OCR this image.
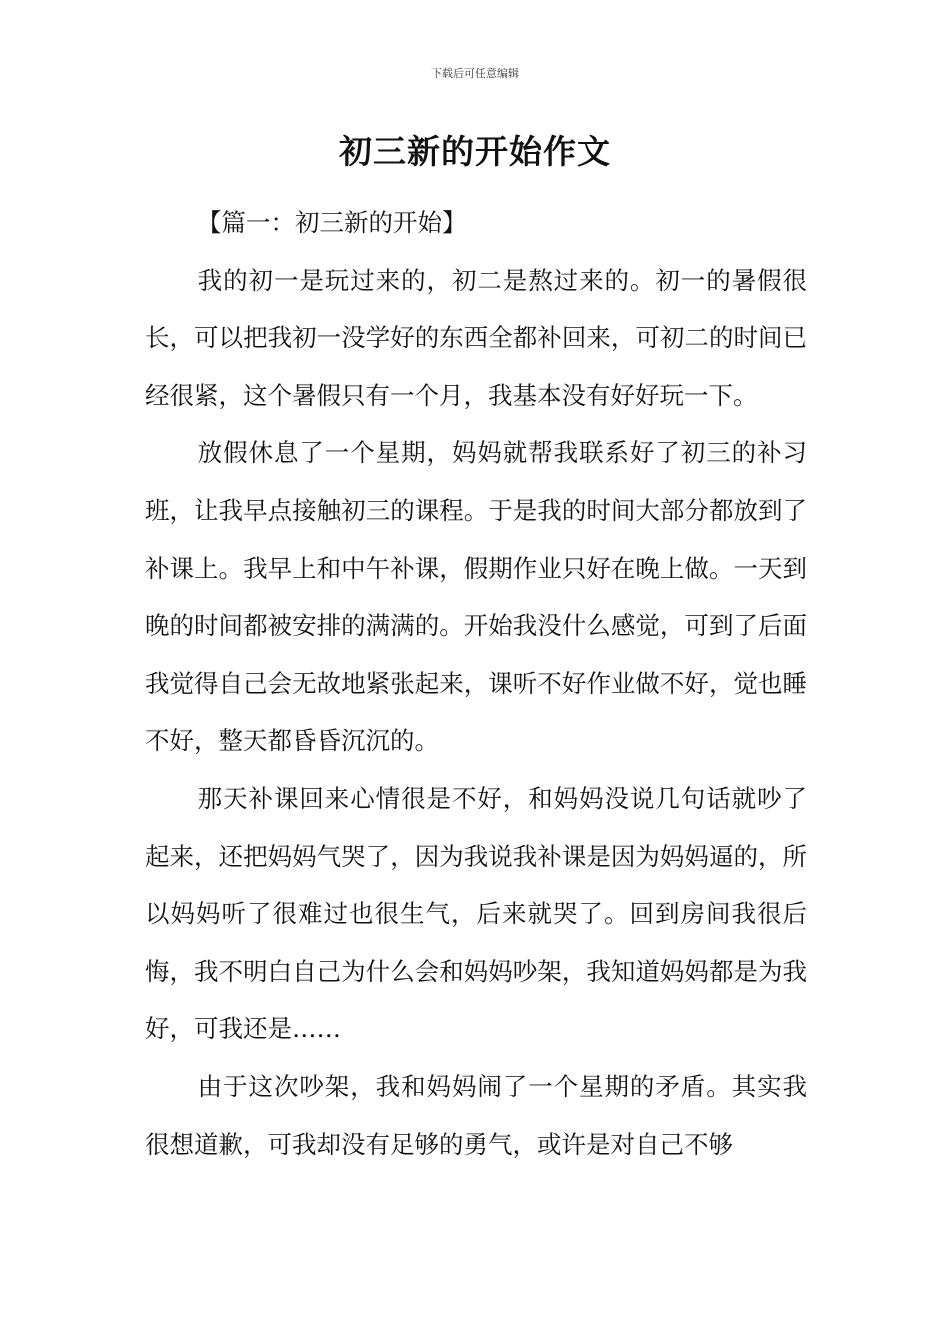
下载后可任意编辑
初三新的开始作文
【篇一：初三新的开始】

我的初一是玩过来的，初二是熬过来的。初一的暑假很长，可以把我初一没学好的东西全都补回来，可初二的时间已经很紧，这个暑假只有一个月，我基本没有好好玩一下。

放假休息了一个星期，妈妈就帮我联系好了初三的补习班，让我早点接触初三的课程。于是我的时间大部分都放到了补课上。我早上和中午补课，假期作业只好在晚上做。一天到晚的时间都被安排的满满的。开始我没什么感觉，可到了后面我觉得自己会无故地紧张起来，课听不好作业做不好，觉也睡不好，整天都昏昏沉沉的。

那天补课回来心情很是不好，和妈妈没说几句话就吵了起来，还把妈妈气哭了，因为我说我补课是因为妈妈逼的，所以妈妈听了很难过也很生气，后来就哭了。回到房间我很后悔，我不明白自己为什么会和妈妈吵架，我知道妈妈都是为我好，可我还是……

由于这次吵架，我和妈妈闹了一个星期的矛盾。其实我很想道歉，可我却没有足够的勇气，或许是对自己不够
